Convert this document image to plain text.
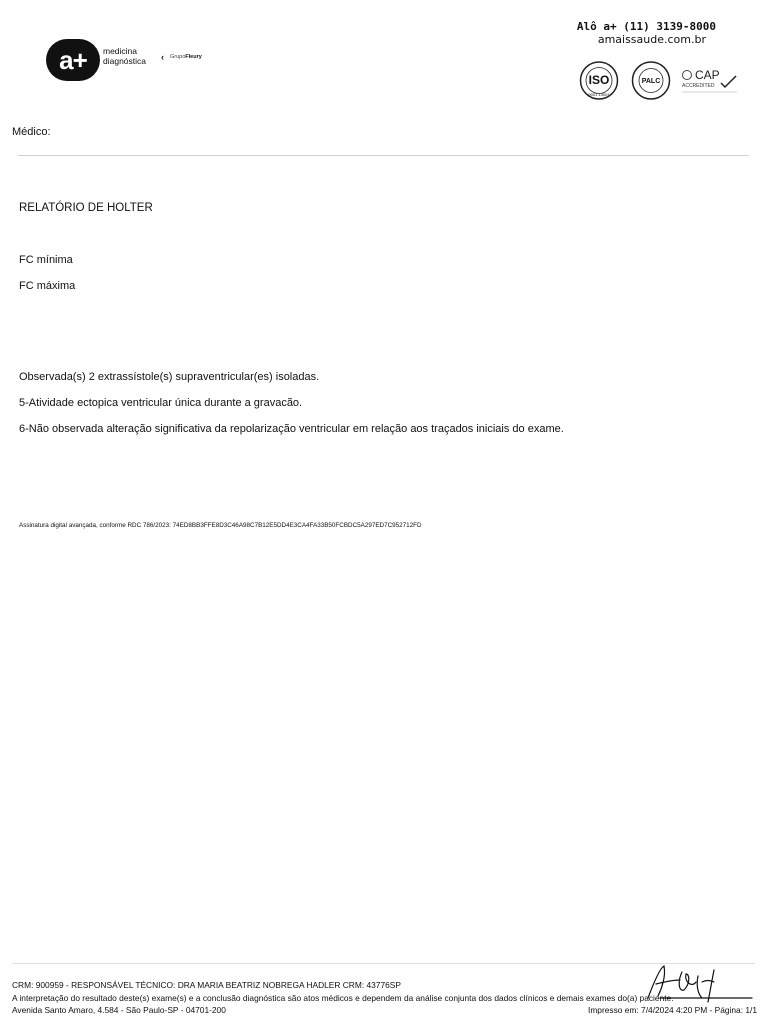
a+ medicina
diagnóstica ‹ GrupoFleury
Alô a+ (11) 3139-8000
amaissaude.com.br
ISO
9001 14001
PALC	CAP
ACCREDITED
Médico:
RELATÓRIO DE HOLTER
FC mínima
FC máxima
Observada(s) 2 extrassístole(s) supraventricular(es) isoladas.
5-Atividade ectopica ventricular única durante a gravacão.
6-Não observada alteração significativa da repolarização ventricular em relação aos traçados iniciais do exame.
Assinatura digital avançada, conforme RDC 786/2023: 74ED8BB3FFE8D3C46A98C7B12E5DD4E3CA4FA33B50FCBDC5A297ED7C952712FD
CRM: 900959 - RESPONSÁVEL TÉCNICO: DRA MARIA BEATRIZ NOBREGA HADLER CRM: 43776SP
A interpretação do resultado deste(s) exame(s) e a conclusão diagnóstica são atos médicos e dependem da análise conjunta dos dados clínicos e demais exames do(a) paciente.
Avenida Santo Amaro, 4.584 - São Paulo-SP - 04701-200	Impresso em: 7/4/2024 4:20 PM - Página: 1/1
